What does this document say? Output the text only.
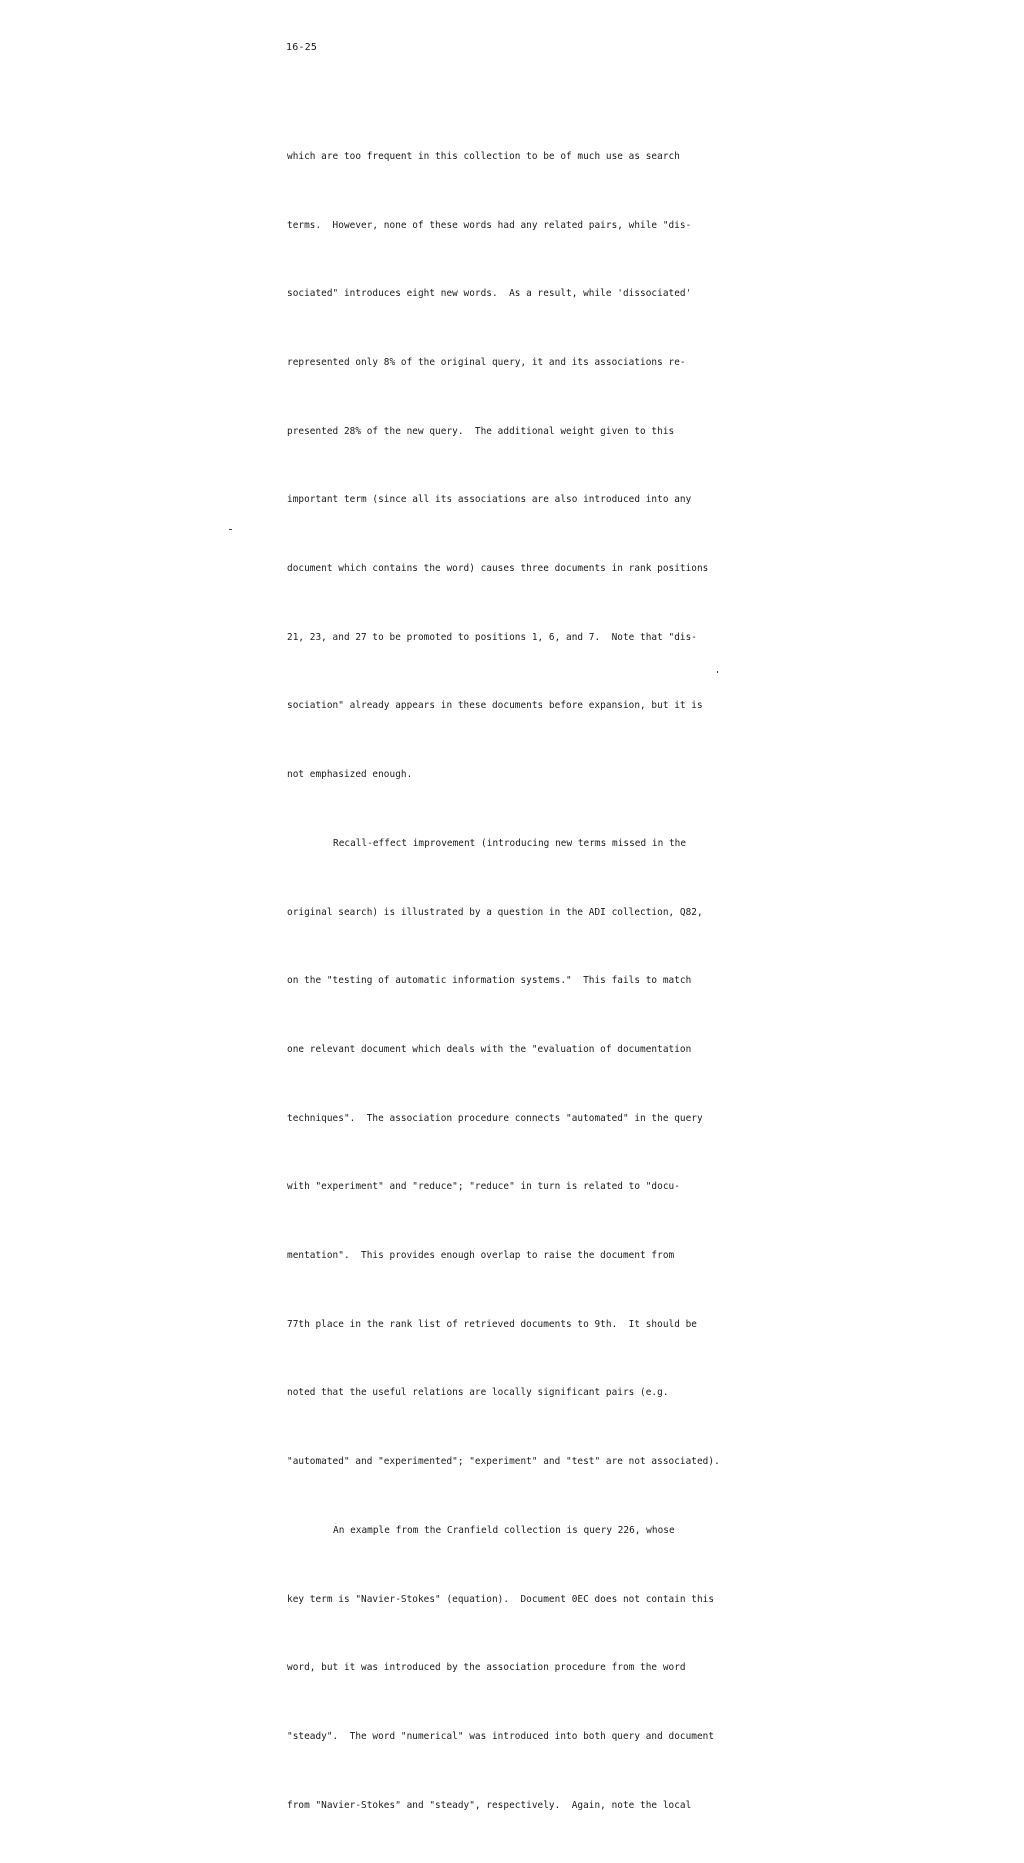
16-25

which are too frequent in this collection to be of much use as search

terms.  However, none of these words had any related pairs, while "dis-

sociated" introduces eight new words.  As a result, while 'dissociated'

represented only 8% of the original query, it and its associations re-

presented 28% of the new query.  The additional weight given to this

important term (since all its associations are also introduced into any

document which contains the word) causes three documents in rank positions

21, 23, and 27 to be promoted to positions 1, 6, and 7.  Note that "dis-

sociation" already appears in these documents before expansion, but it is

not emphasized enough.

Recall-effect improvement (introducing new terms missed in the

original search) is illustrated by a question in the ADI collection, Q82,

on the "testing of automatic information systems."  This fails to match

one relevant document which deals with the "evaluation of documentation

techniques".  The association procedure connects "automated" in the query

with "experiment" and "reduce"; "reduce" in turn is related to "docu-

mentation".  This provides enough overlap to raise the document from

77th place in the rank list of retrieved documents to 9th.  It should be

noted that the useful relations are locally significant pairs (e.g.

"automated" and "experimented"; "experiment" and "test" are not associated).

An example from the Cranfield collection is query 226, whose

key term is "Navier-Stokes" (equation).  Document 0EC does not contain this

word, but it was introduced by the association procedure from the word

"steady".  The word "numerical" was introduced into both query and document

from "Navier-Stokes" and "steady", respectively.  Again, note the local
